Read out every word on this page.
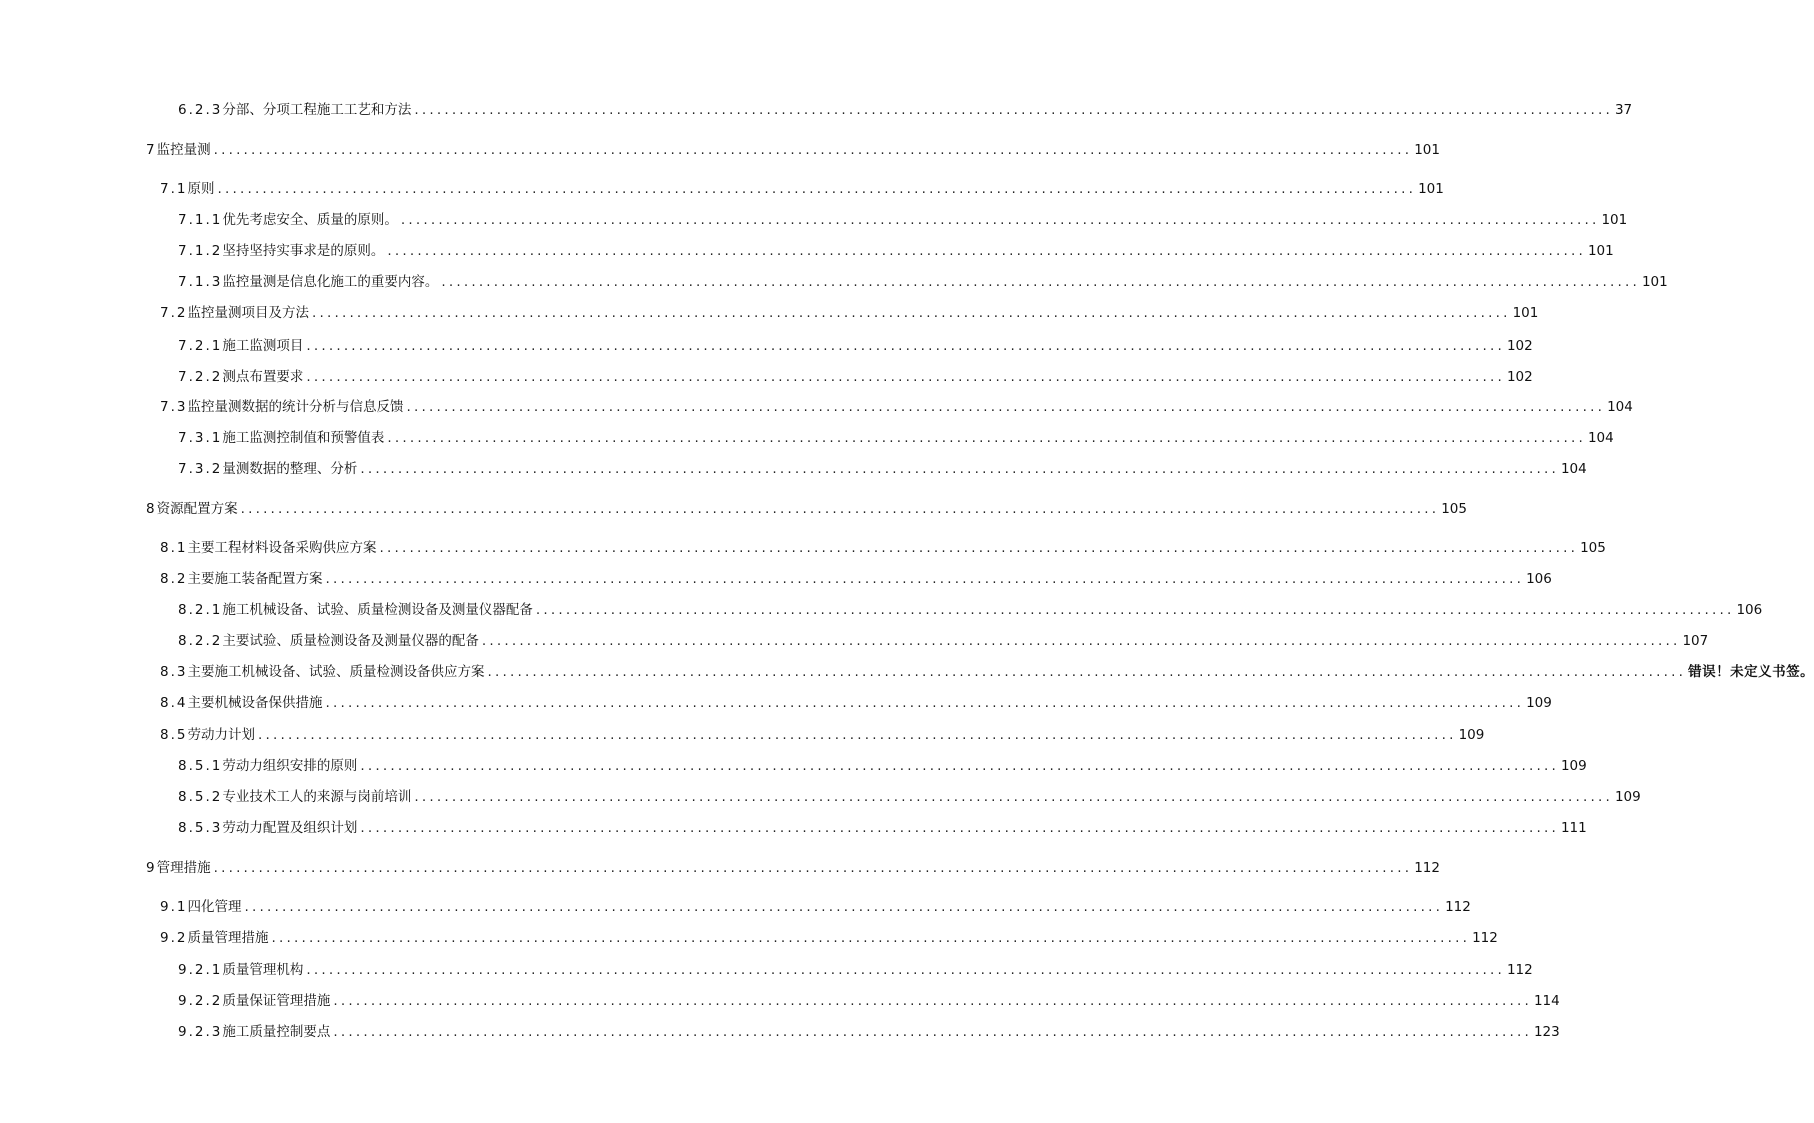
6.2.3 分部、分项工程施工工艺和方法 ................................................................................................................................................................ 37
7 监控量测 ................................................................................................................................................................ 101
7.1 原则 ................................................................................................................................................................ 101
7.1.1 优先考虑安全、质量的原则。 ................................................................................................................................................................ 101
7.1.2 坚持坚持实事求是的原则。 ................................................................................................................................................................ 101
7.1.3 监控量测是信息化施工的重要内容。 ................................................................................................................................................................ 101
7.2 监控量测项目及方法 ................................................................................................................................................................ 101
7.2.1 施工监测项目 ................................................................................................................................................................ 102
7.2.2 测点布置要求 ................................................................................................................................................................ 102
7.3 监控量测数据的统计分析与信息反馈 ................................................................................................................................................................ 104
7.3.1 施工监测控制值和预警值表 ................................................................................................................................................................ 104
7.3.2 量测数据的整理、分析 ................................................................................................................................................................ 104
8 资源配置方案 ................................................................................................................................................................ 105
8.1 主要工程材料设备采购供应方案 ................................................................................................................................................................ 105
8.2 主要施工装备配置方案 ................................................................................................................................................................ 106
8.2.1 施工机械设备、试验、质量检测设备及测量仪器配备 ................................................................................................................................................................ 106
8.2.2 主要试验、质量检测设备及测量仪器的配备 ................................................................................................................................................................ 107
8.3 主要施工机械设备、试验、质量检测设备供应方案 ................................................................................................................................................................ 错误！未定义书签。
8.4 主要机械设备保供措施 ................................................................................................................................................................ 109
8.5 劳动力计划 ................................................................................................................................................................ 109
8.5.1 劳动力组织安排的原则 ................................................................................................................................................................ 109
8.5.2 专业技术工人的来源与岗前培训 ................................................................................................................................................................ 109
8.5.3 劳动力配置及组织计划 ................................................................................................................................................................ 111
9 管理措施 ................................................................................................................................................................ 112
9.1 四化管理 ................................................................................................................................................................ 112
9.2 质量管理措施 ................................................................................................................................................................ 112
9.2.1 质量管理机构 ................................................................................................................................................................ 112
9.2.2 质量保证管理措施 ................................................................................................................................................................ 114
9.2.3 施工质量控制要点 ................................................................................................................................................................ 123
